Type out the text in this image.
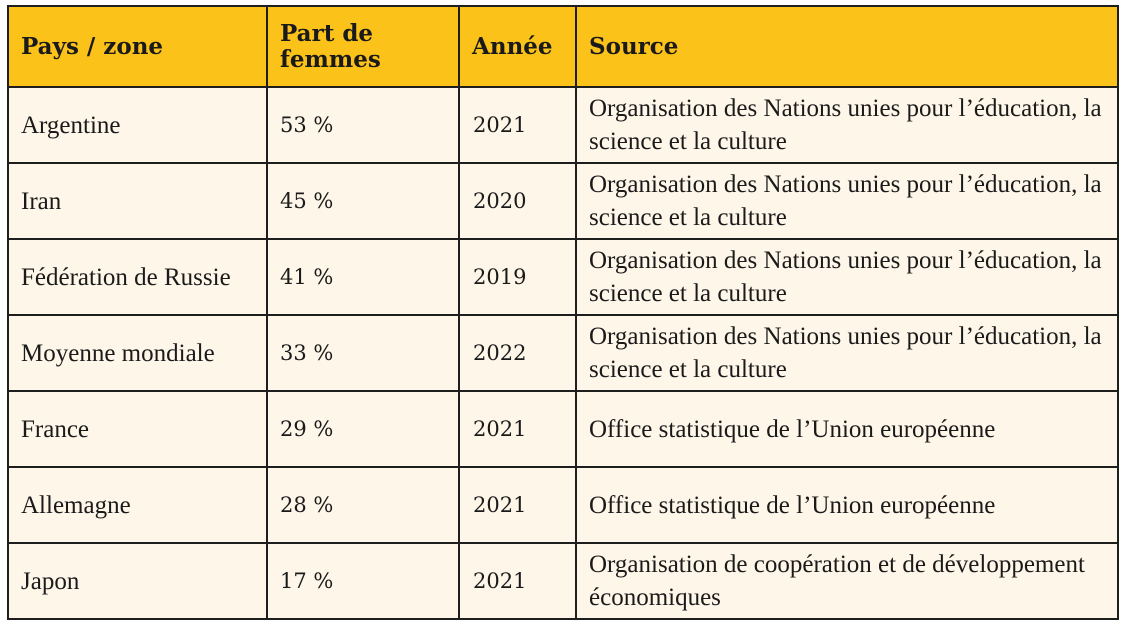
Pays / zone	Part de femmes	Année	Source
Argentine	53 %	2021	Organisation des Nations unies pour l’éducation, la science et la culture
Iran	45 %	2020	Organisation des Nations unies pour l’éducation, la science et la culture
Fédération de Russie	41 %	2019	Organisation des Nations unies pour l’éducation, la science et la culture
Moyenne mondiale	33 %	2022	Organisation des Nations unies pour l’éducation, la science et la culture
France	29 %	2021	Office statistique de l’Union européenne
Allemagne	28 %	2021	Office statistique de l’Union européenne
Japon	17 %	2021	Organisation de coopération et de développement économiques
